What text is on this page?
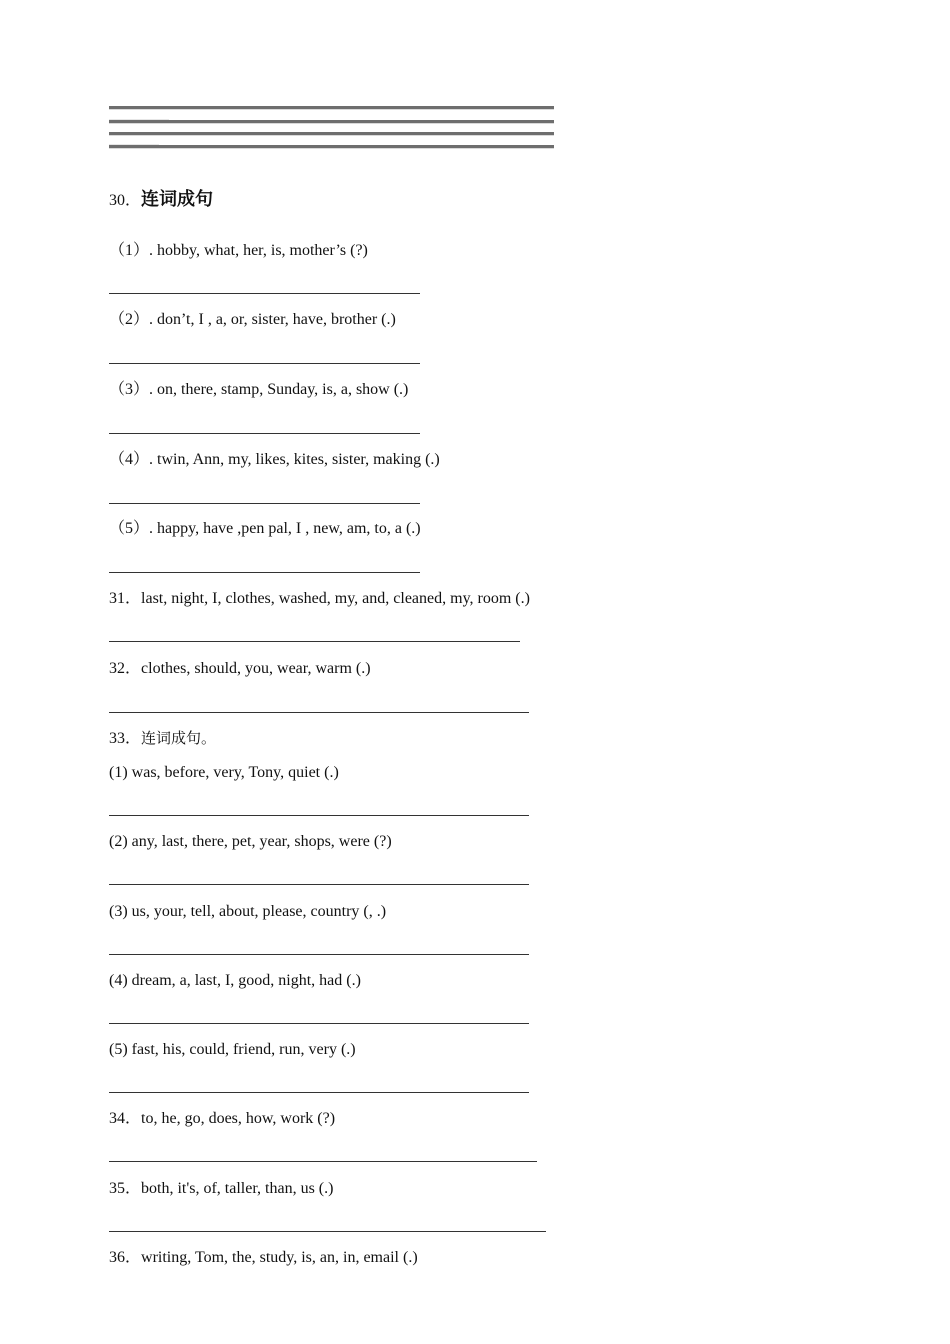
30．连词成句
（1）. hobby, what, her, is, mother’s (?)
（2）. don’t, I , a, or, sister, have, brother (.)
（3）. on, there, stamp, Sunday, is, a, show (.)
（4）. twin, Ann, my, likes, kites, sister, making (.)
（5）. happy, have ,pen pal, I , new, am, to, a (.)
31．last, night, I, clothes, washed, my, and, cleaned, my, room (.)
32．clothes, should, you, wear, warm (.)
33．连词成句。
(1) was, before, very, Tony, quiet (.)
(2) any, last, there, pet, year, shops, were (?)
(3) us, your, tell, about, please, country (, .)
(4) dream, a, last, I, good, night, had (.)
(5) fast, his, could, friend, run, very (.)
34．to, he, go, does, how, work (?)
35．both, it's, of, taller, than, us (.)
36．writing, Tom, the, study, is, an, in, email (.)
